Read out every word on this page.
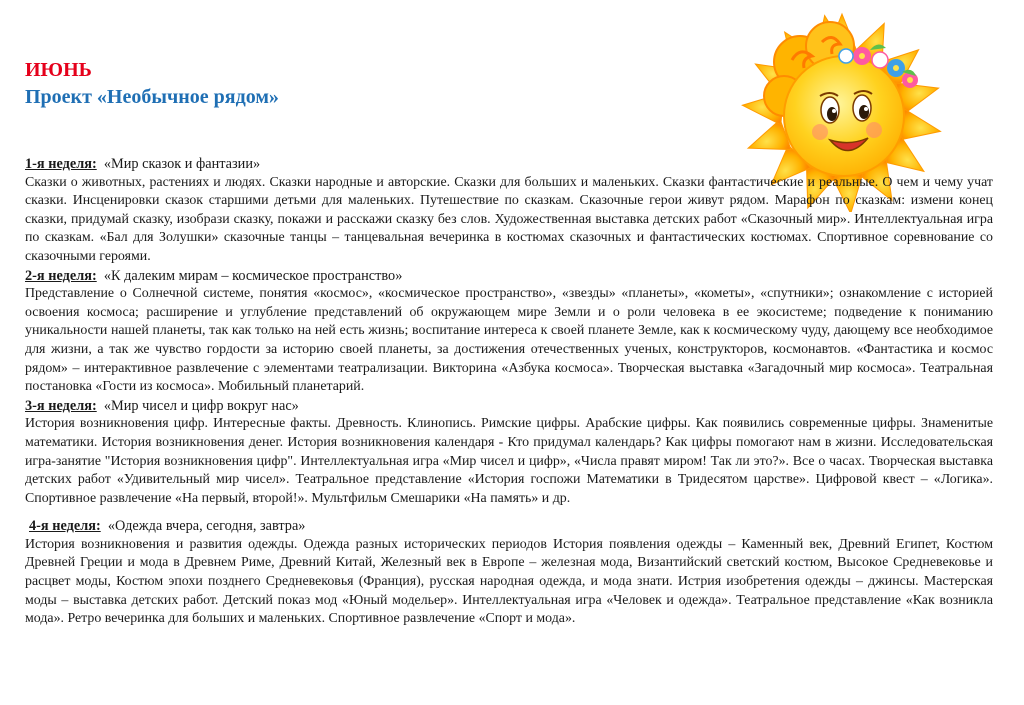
ИЮНЬ
Проект «Необычное рядом»

1-я неделя: «Мир сказок и фантазии»

Сказки о животных, растениях и людях. Сказки народные и авторские. Сказки для больших и маленьких. Сказки фантастические и реальные. О чем и чему учат сказки. Инсценировки сказок старшими детьми для маленьких. Путешествие по сказкам. Сказочные герои живут рядом. Марафон по сказкам: измени конец сказки, придумай сказку, изобрази сказку, покажи и расскажи сказку без слов. Художественная выставка детских работ «Сказочный мир». Интеллектуальная игра по сказкам. «Бал для Золушки» сказочные танцы – танцевальная вечеринка в костюмах сказочных и фантастических костюмах. Спортивное соревнование со сказочными героями.

2-я неделя: «К далеким мирам – космическое пространство»

Представление о Солнечной системе, понятия «космос», «космическое пространство», «звезды» «планеты», «кометы», «спутники»; ознакомление с историей освоения космоса; расширение и углубление представлений об окружающем мире Земли и о роли человека в ее экосистеме; подведение к пониманию уникальности нашей планеты, так как только на ней есть жизнь; воспитание интереса к своей планете Земле, как к космическому чуду, дающему все необходимое для жизни, а так же чувство гордости за историю своей планеты, за достижения отечественных ученых, конструкторов, космонавтов. «Фантастика и космос рядом» – интерактивное развлечение с элементами театрализации. Викторина «Азбука космоса». Творческая выставка «Загадочный мир космоса». Театральная постановка «Гости из космоса». Мобильный планетарий.

3-я неделя: «Мир чисел и цифр вокруг нас»

История возникновения цифр. Интересные факты. Древность. Клинопись. Римские цифры. Арабские цифры. Как появились современные цифры. Знаменитые математики. История возникновения денег. История возникновения календаря - Кто придумал календарь? Как цифры помогают нам в жизни. Исследовательская игра-занятие "История возникновения цифр". Интеллектуальная игра «Мир чисел и цифр», «Числа правят миром! Так ли это?». Все о часах. Творческая выставка детских работ «Удивительный мир чисел». Театральное представление «История госпожи Математики в Тридесятом царстве». Цифровой квест – «Логика». Спортивное развлечение «На первый, второй!». Мультфильм Смешарики «На память» и др.

4-я неделя: «Одежда вчера, сегодня, завтра»

История возникновения и развития одежды. Одежда разных исторических периодов История появления одежды – Каменный век, Древний Египет, Костюм Древней Греции и мода в Древнем Риме, Древний Китай, Железный век в Европе – железная мода, Византийский светский костюм, Высокое Средневековье и расцвет моды, Костюм эпохи позднего Средневековья (Франция), русская народная одежда, и мода знати. Истрия изобретения одежды – джинсы. Мастерская моды – выставка детских работ. Детский показ мод «Юный модельер». Интеллектуальная игра «Человек и одежда». Театральное представление «Как возникла мода». Ретро вечеринка для больших и маленьких. Спортивное развлечение «Спорт и мода».
